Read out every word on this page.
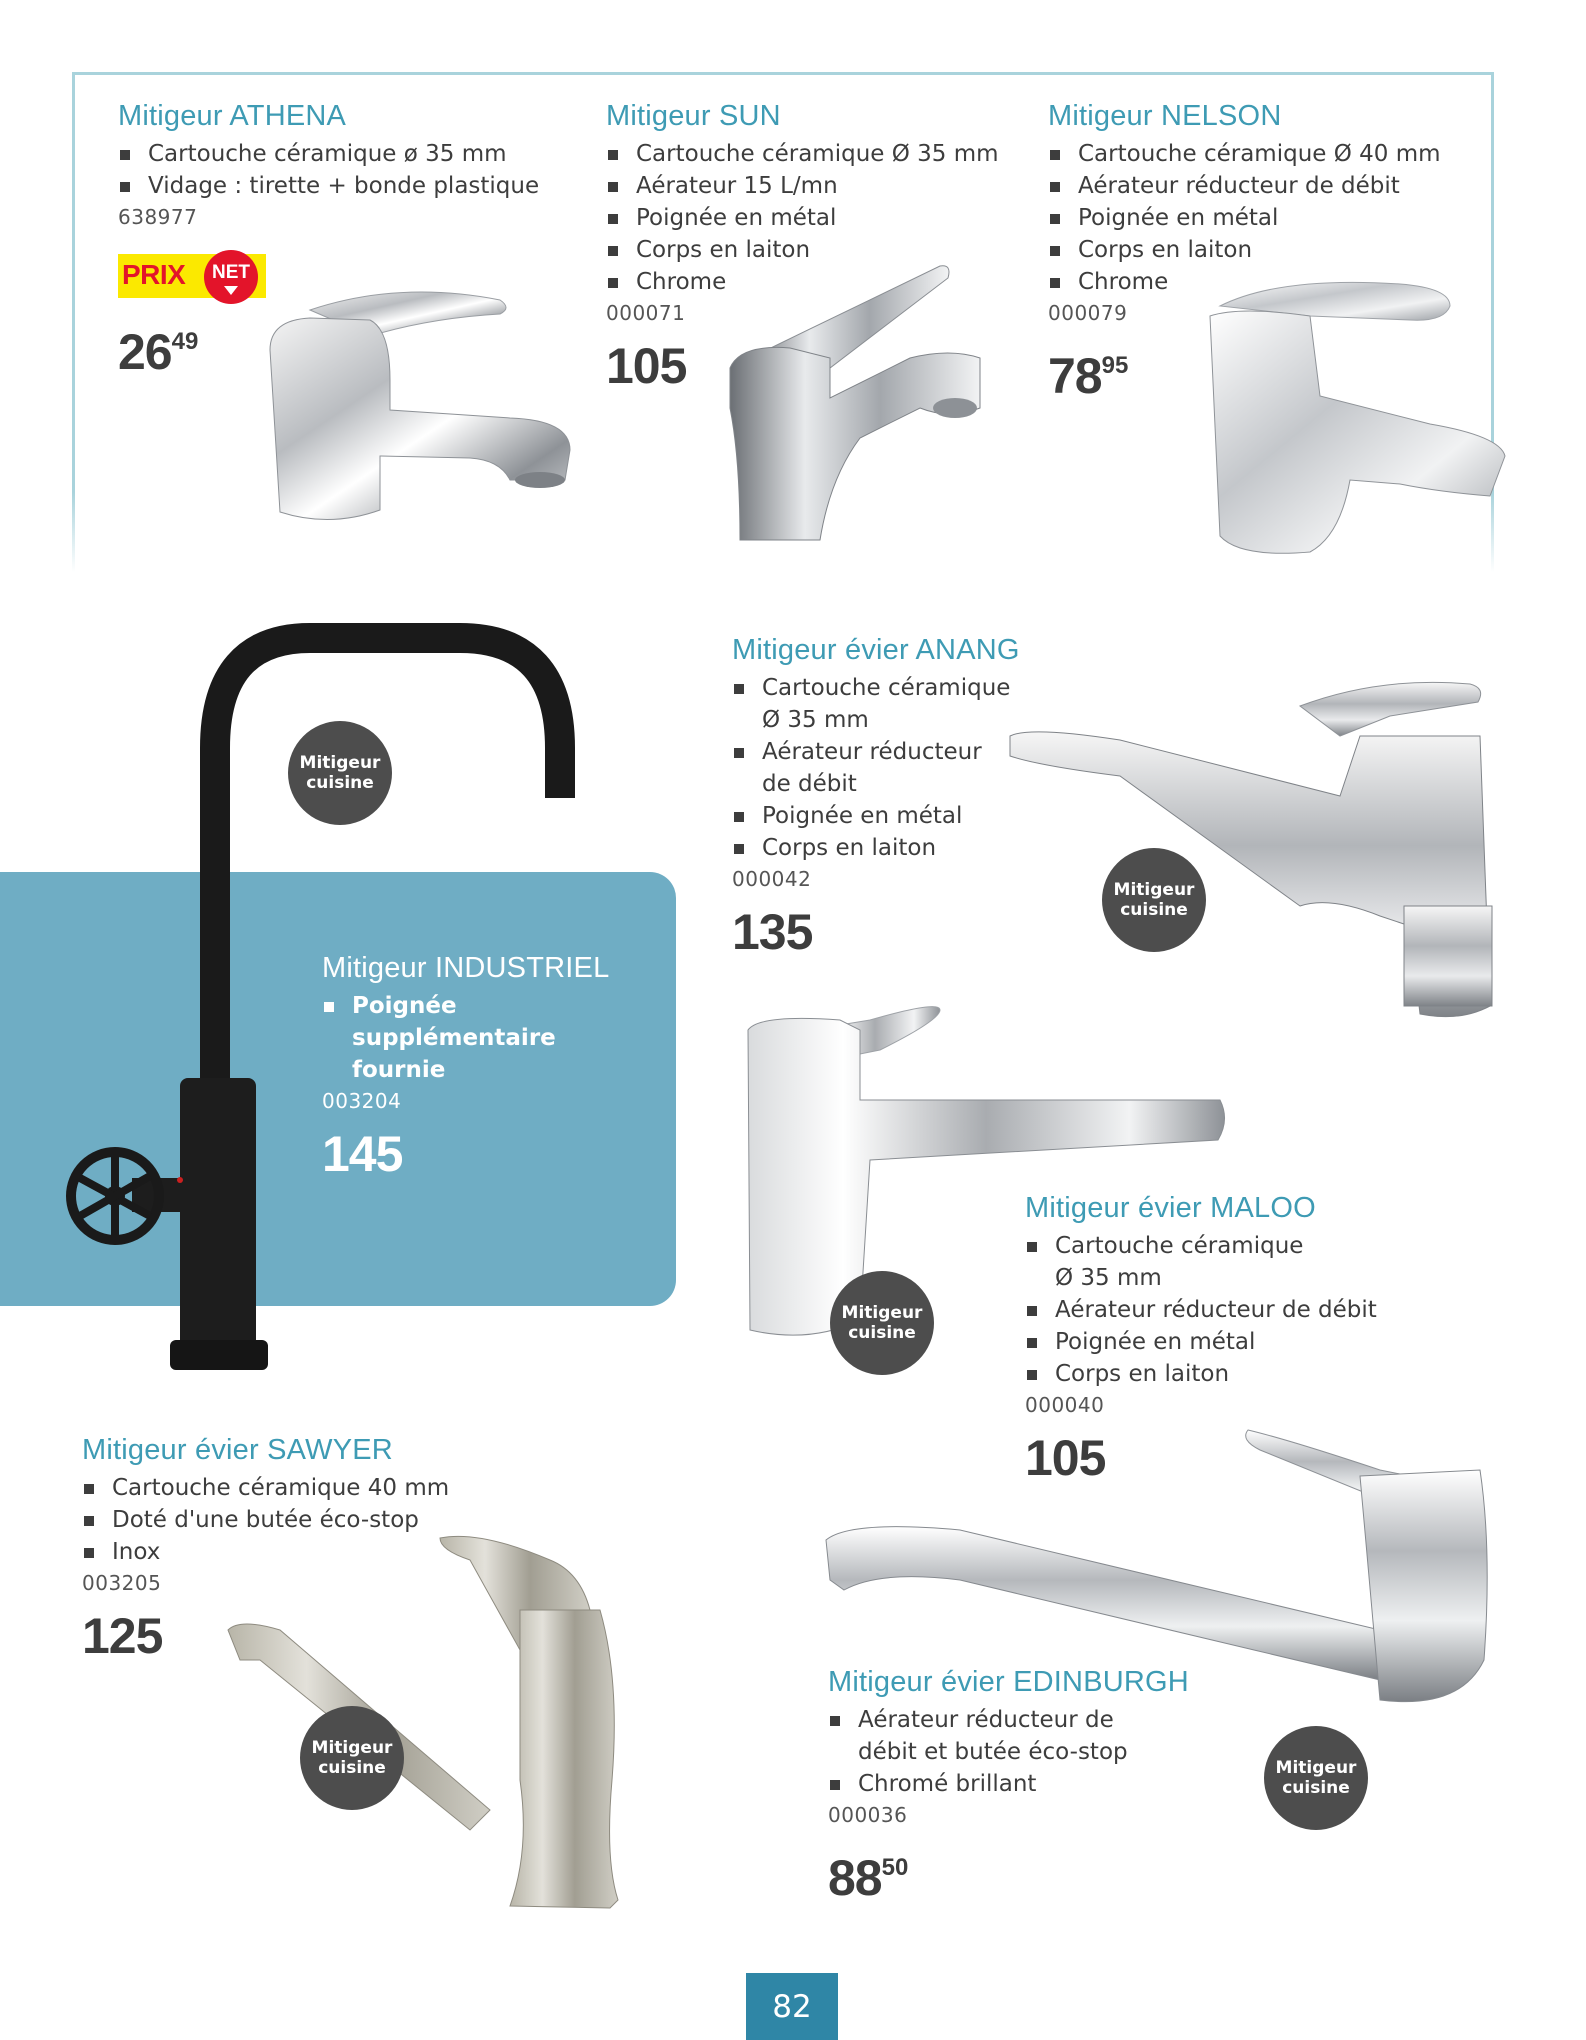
Mitigeur ATHENA
Cartouche céramique ø 35 mm
Vidage : tirette + bonde plastique
638977
PRIX	NET
$26^{49}$
Mitigeur SUN
Cartouche céramique Ø 35 mm
Aérateur 15 L/mn
Poignée en métal
Corps en laiton
Chrome
000071
105
Mitigeur NELSON
Cartouche céramique Ø 40 mm
Aérateur réducteur de débit
Poignée en métal
Corps en laiton
Chrome
000079
$78^{95}$
Mitigeur
cuisine
Mitigeur INDUSTRIEL
Poignée
supplémentaire
fournie
003204
145
Mitigeur évier ANANG
Cartouche céramique
Ø 35 mm
Aérateur réducteur
de débit
Poignée en métal
Corps en laiton
000042
135
Mitigeur
cuisine
Mitigeur
cuisine
Mitigeur évier MALOO
Cartouche céramique
Ø 35 mm
Aérateur réducteur de débit
Poignée en métal
Corps en laiton
000040
105
Mitigeur évier SAWYER
Cartouche céramique 40 mm
Doté d'une butée éco-stop
Inox
003205
125
Mitigeur
cuisine
Mitigeur évier EDINBURGH
Aérateur réducteur de
débit et butée éco-stop
Chromé brillant
000036
$88^{50}$
Mitigeur
cuisine
82
